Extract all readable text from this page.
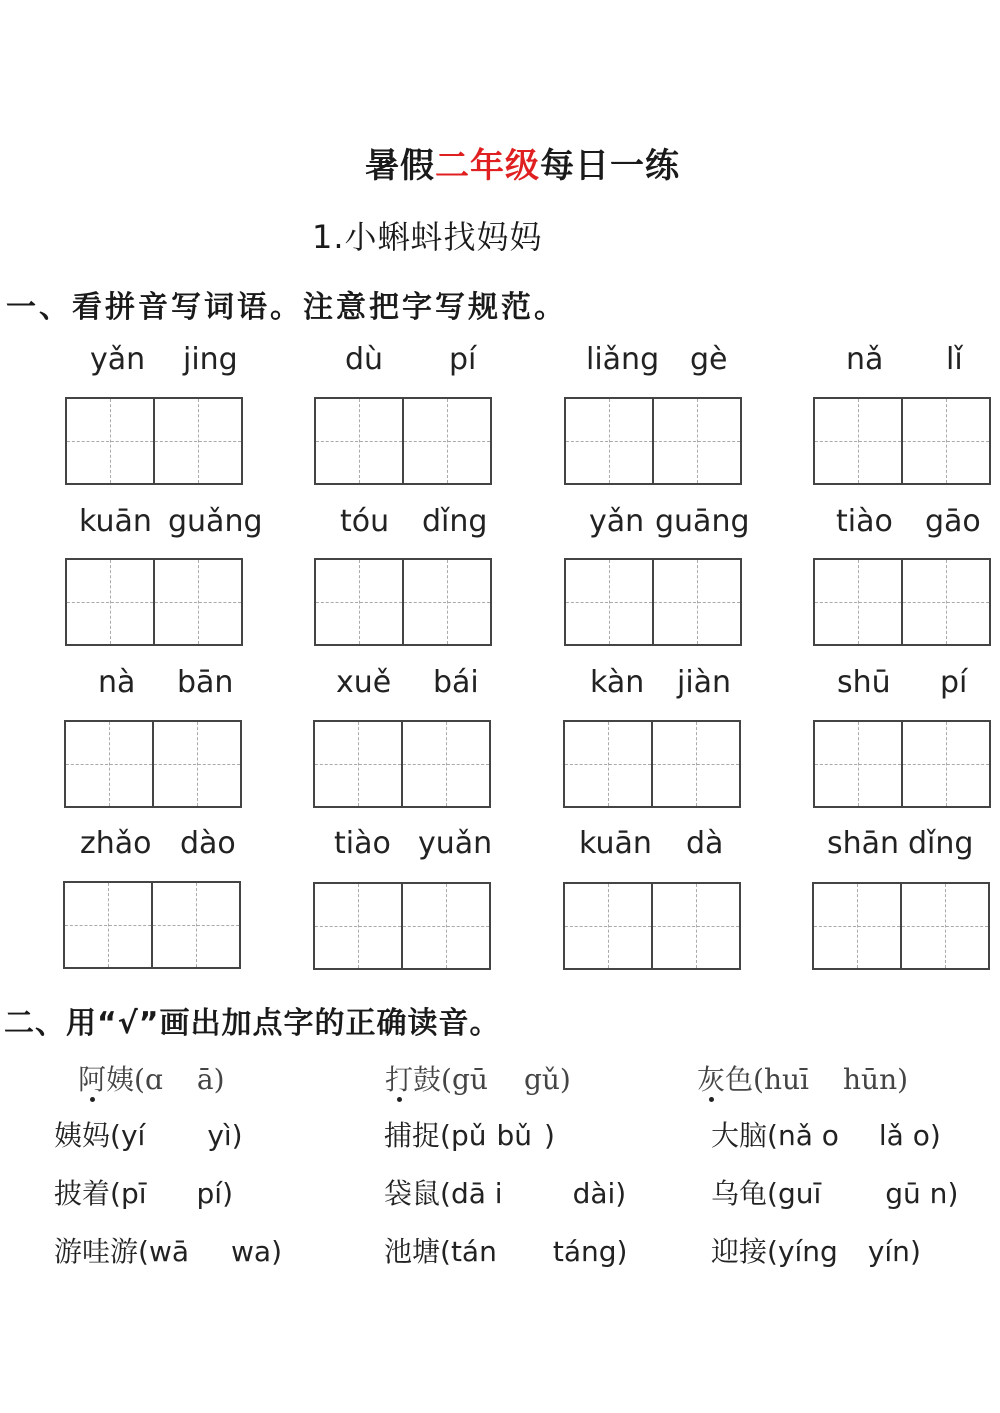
暑假二年级每日一练
1.小蝌蚪找妈妈
一、看拼音写词语。注意把字写规范。
yǎn jing	dù pí	liǎng gè	nǎ lǐ
kuān guǎng	tóu dǐng	yǎn guāng	tiào gāo
nà bān	xuě bái	kàn jiàn	shū pí
zhǎo dào	tiào yuǎn	kuān dà	shān dǐng
二、用“√”画出加点字的正确读音。
阿姨(ɑ ā)	打鼓(gū gǔ)	灰色(huī hūn)
姨妈(yí yì)	捕捉(pǔ bǔ )	大脑(nǎ o lǎ o)
披着(pī pí)	袋鼠(dā i	dài)	乌龟(guī gū n)
游哇游(wā wa)	池塘(tán táng)	迎接(yíng yín)
